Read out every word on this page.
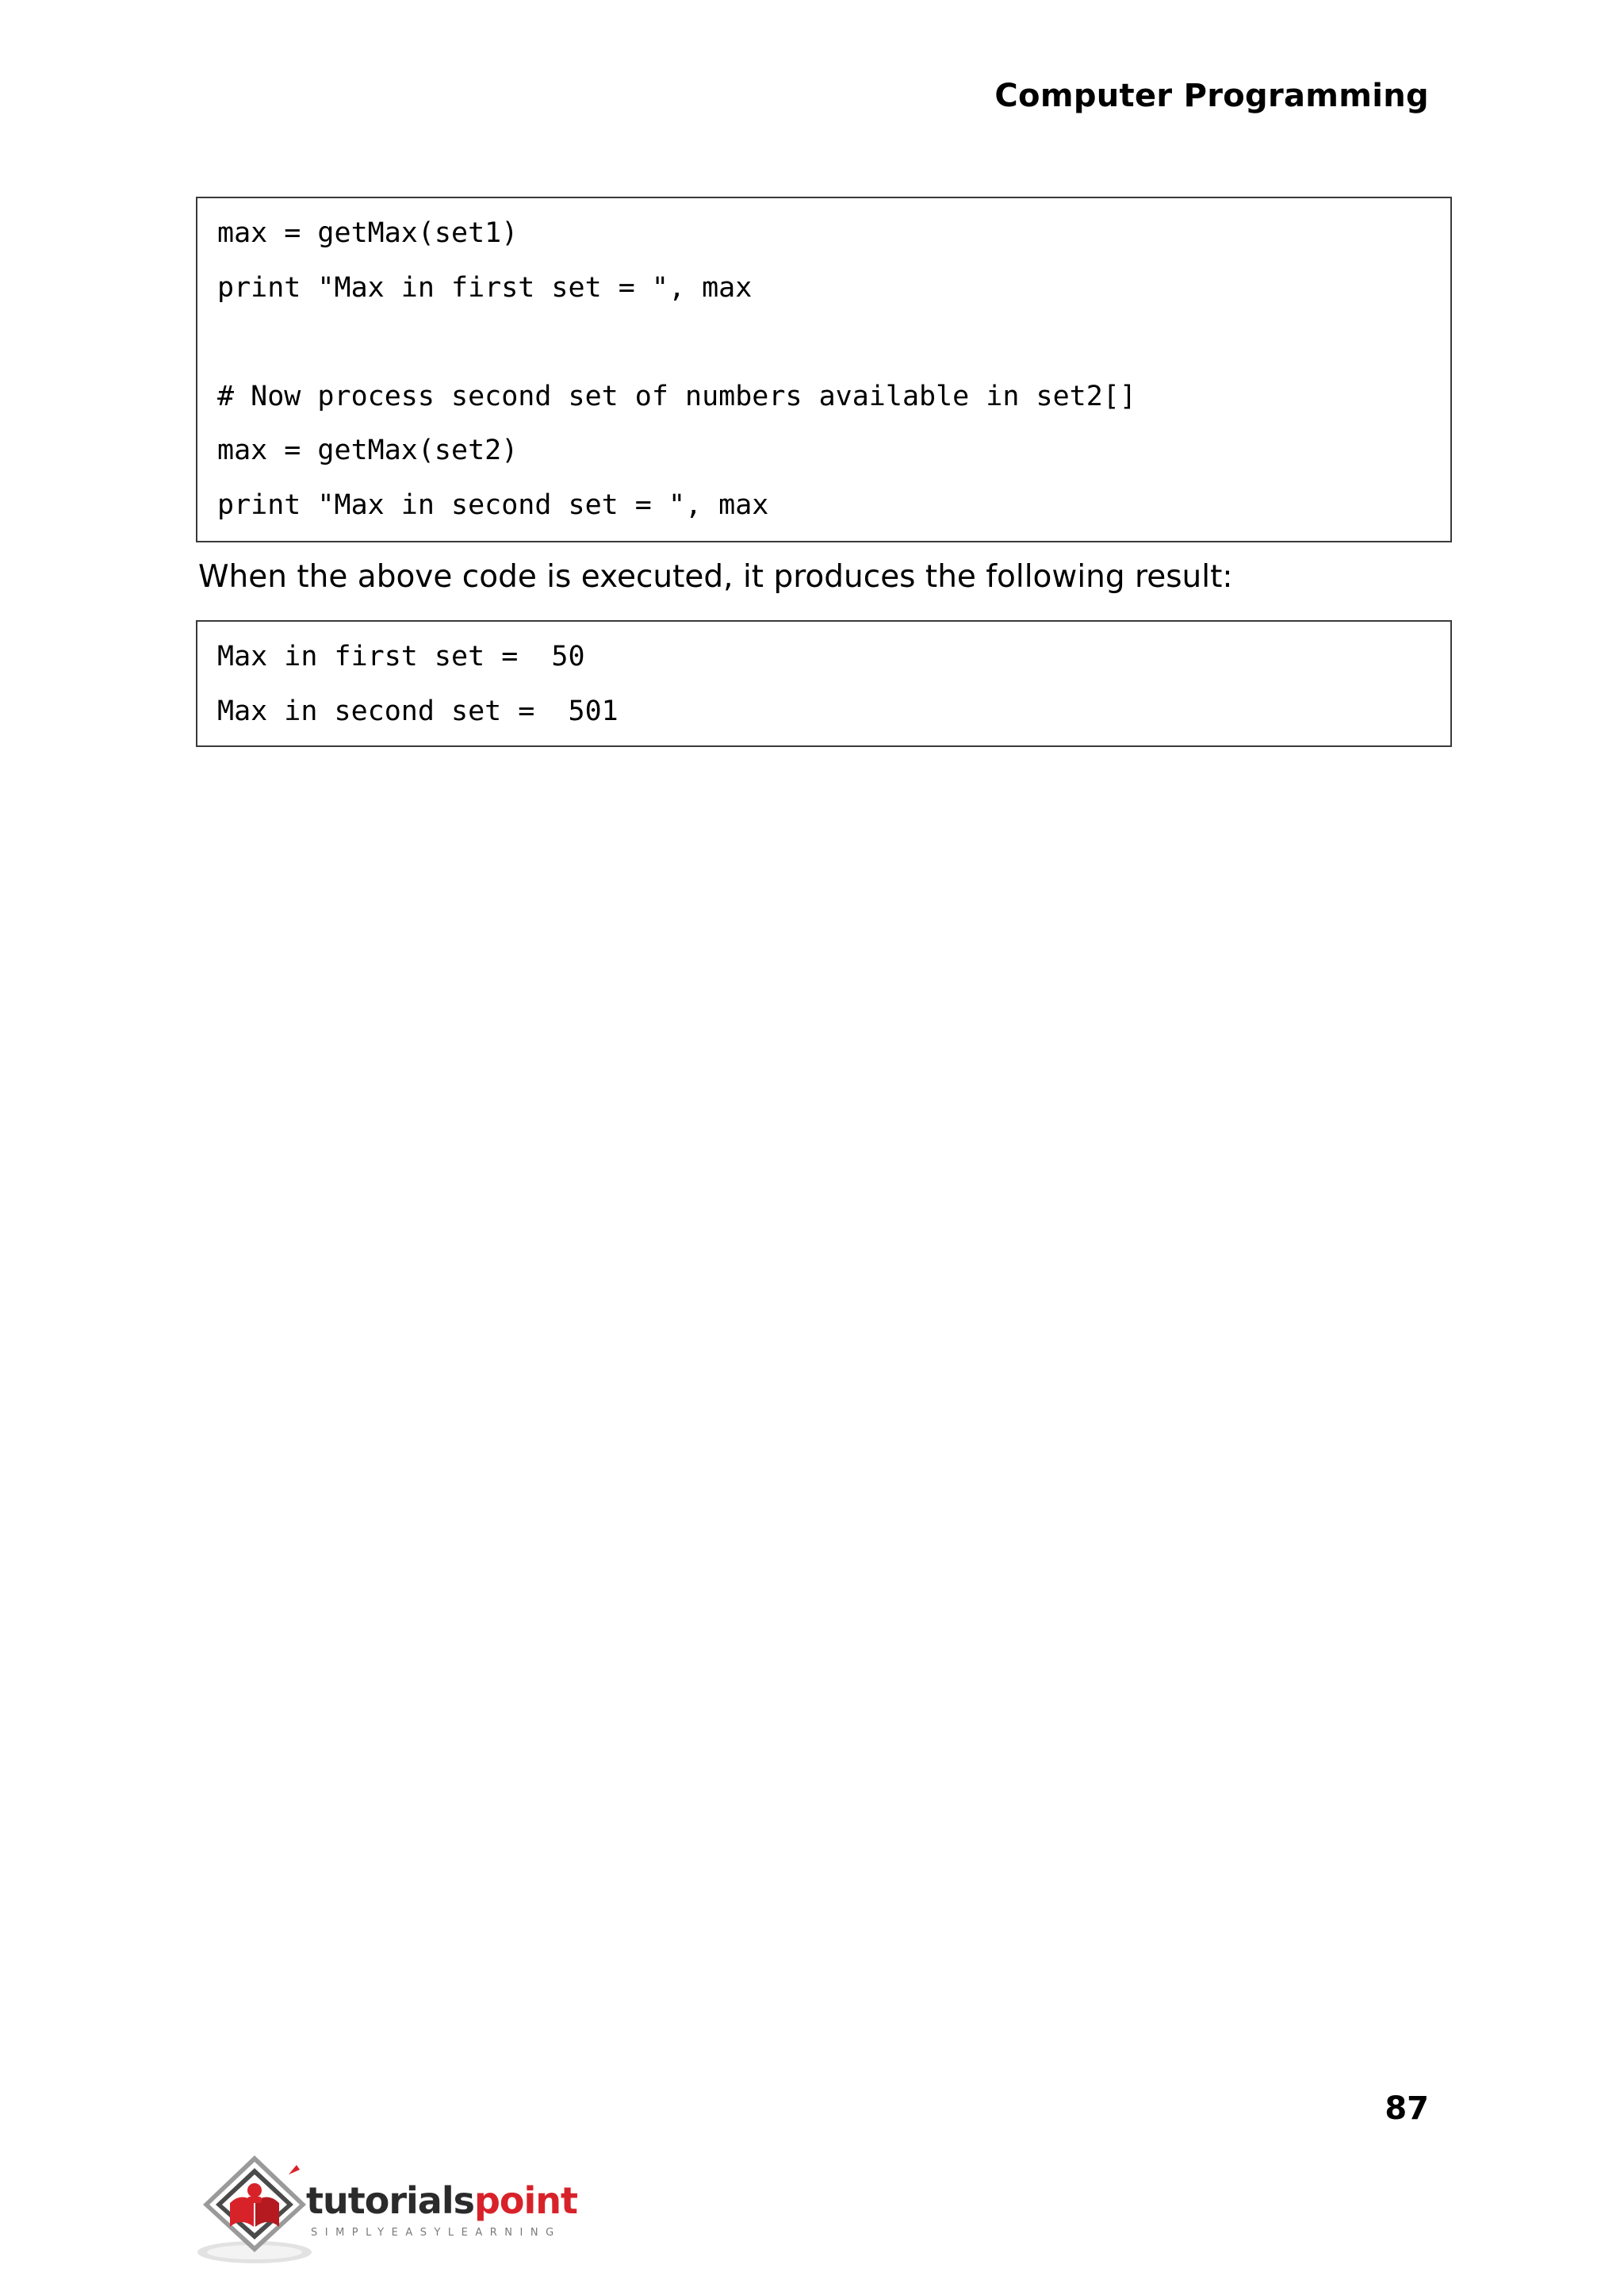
Computer Programming
max = getMax(set1)
print "Max in first set = ", max
# Now process second set of numbers available in set2[]
max = getMax(set2)
print "Max in second set = ", max
When the above code is executed, it produces the following result:
Max in first set =  50
Max in second set =  501
87
tutorialspoint
SIMPLYEASYLEARNING
